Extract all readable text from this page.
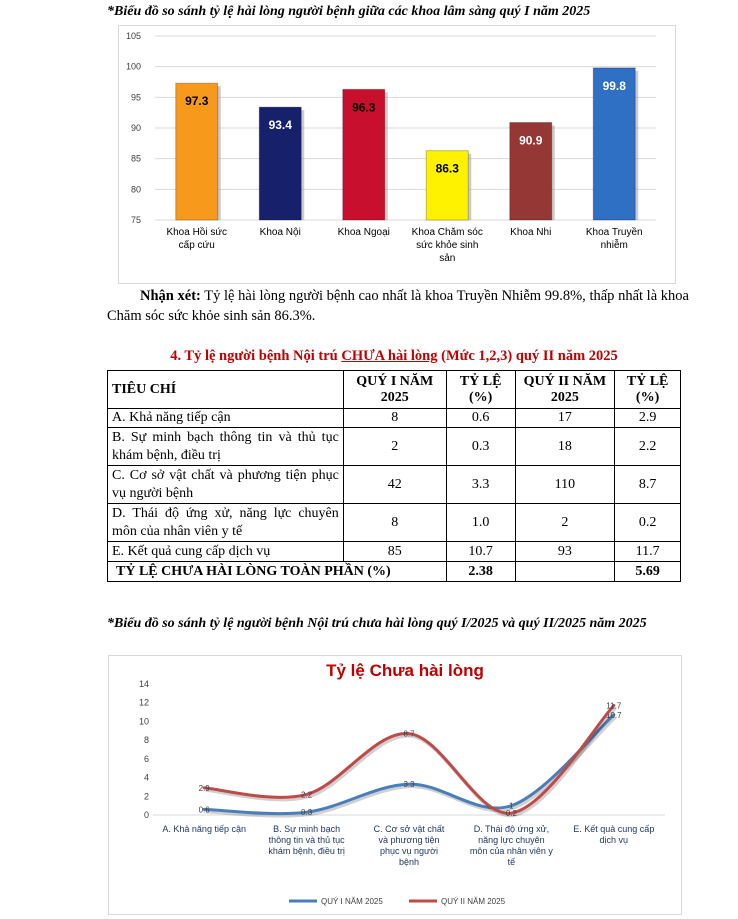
*Biểu đồ so sánh tỷ lệ hài lòng người bệnh giữa các khoa lâm sàng quý I năm 2025
75
80
85
90
95
100
105
97.3
Khoa Hồi sức
cấp cứu
93.4
Khoa Nội
96.3
Khoa Ngoại
86.3
Khoa Chăm sóc
sức khỏe sinh
sản
90.9
Khoa Nhi
99.8
Khoa Truyền
nhiễm
Nhận xét: Tỷ lệ hài lòng người bệnh cao nhất là khoa Truyền Nhiễm 99.8%, thấp nhất là khoa Chăm sóc sức khỏe sinh sản 86.3%.
4. Tỷ lệ người bệnh Nội trú CHƯA hài lòng (Mức 1,2,3) quý II năm 2025
TIÊU CHÍ	QUÝ I NĂM 2025	TỶ LỆ (%)	QUÝ II NĂM 2025	TỶ LỆ (%)
A. Khả năng tiếp cận	8	0.6	17	2.9
B. Sự minh bạch thông tin và thủ tục khám bệnh, điều trị	2	0.3	18	2.2
C. Cơ sở vật chất và phương tiện phục vụ người bệnh	42	3.3	110	8.7
D. Thái độ ứng xử, năng lực chuyên môn của nhân viên y tế	8	1.0	2	0.2
E. Kết quả cung cấp dịch vụ	85	10.7	93	11.7
TỶ LỆ CHƯA HÀI LÒNG TOÀN PHẦN (%)		2.38		5.69
*Biểu đồ so sánh tỷ lệ người bệnh Nội trú chưa hài lòng quý I/2025 và quý II/2025 năm 2025
Tỷ lệ Chưa hài lòng
0
2
4
6
8
10
12
14
A. Khả năng tiếp cận	B. Sự minh bạch
thông tin và thủ tục
khám bệnh, điều trị
C. Cơ sở vật chất
và phương tiện
phục vụ người
bệnh
D. Thái độ ứng xử,
năng lực chuyên
môn của nhân viên y
tế
E. Kết quả cung cấp
dịch vụ
0.6	0.3
3.3
1
10.7
QUÝ I NĂM 2025
2.9
2.2
8.7
0.2
11.7
QUÝ II NĂM 2025
